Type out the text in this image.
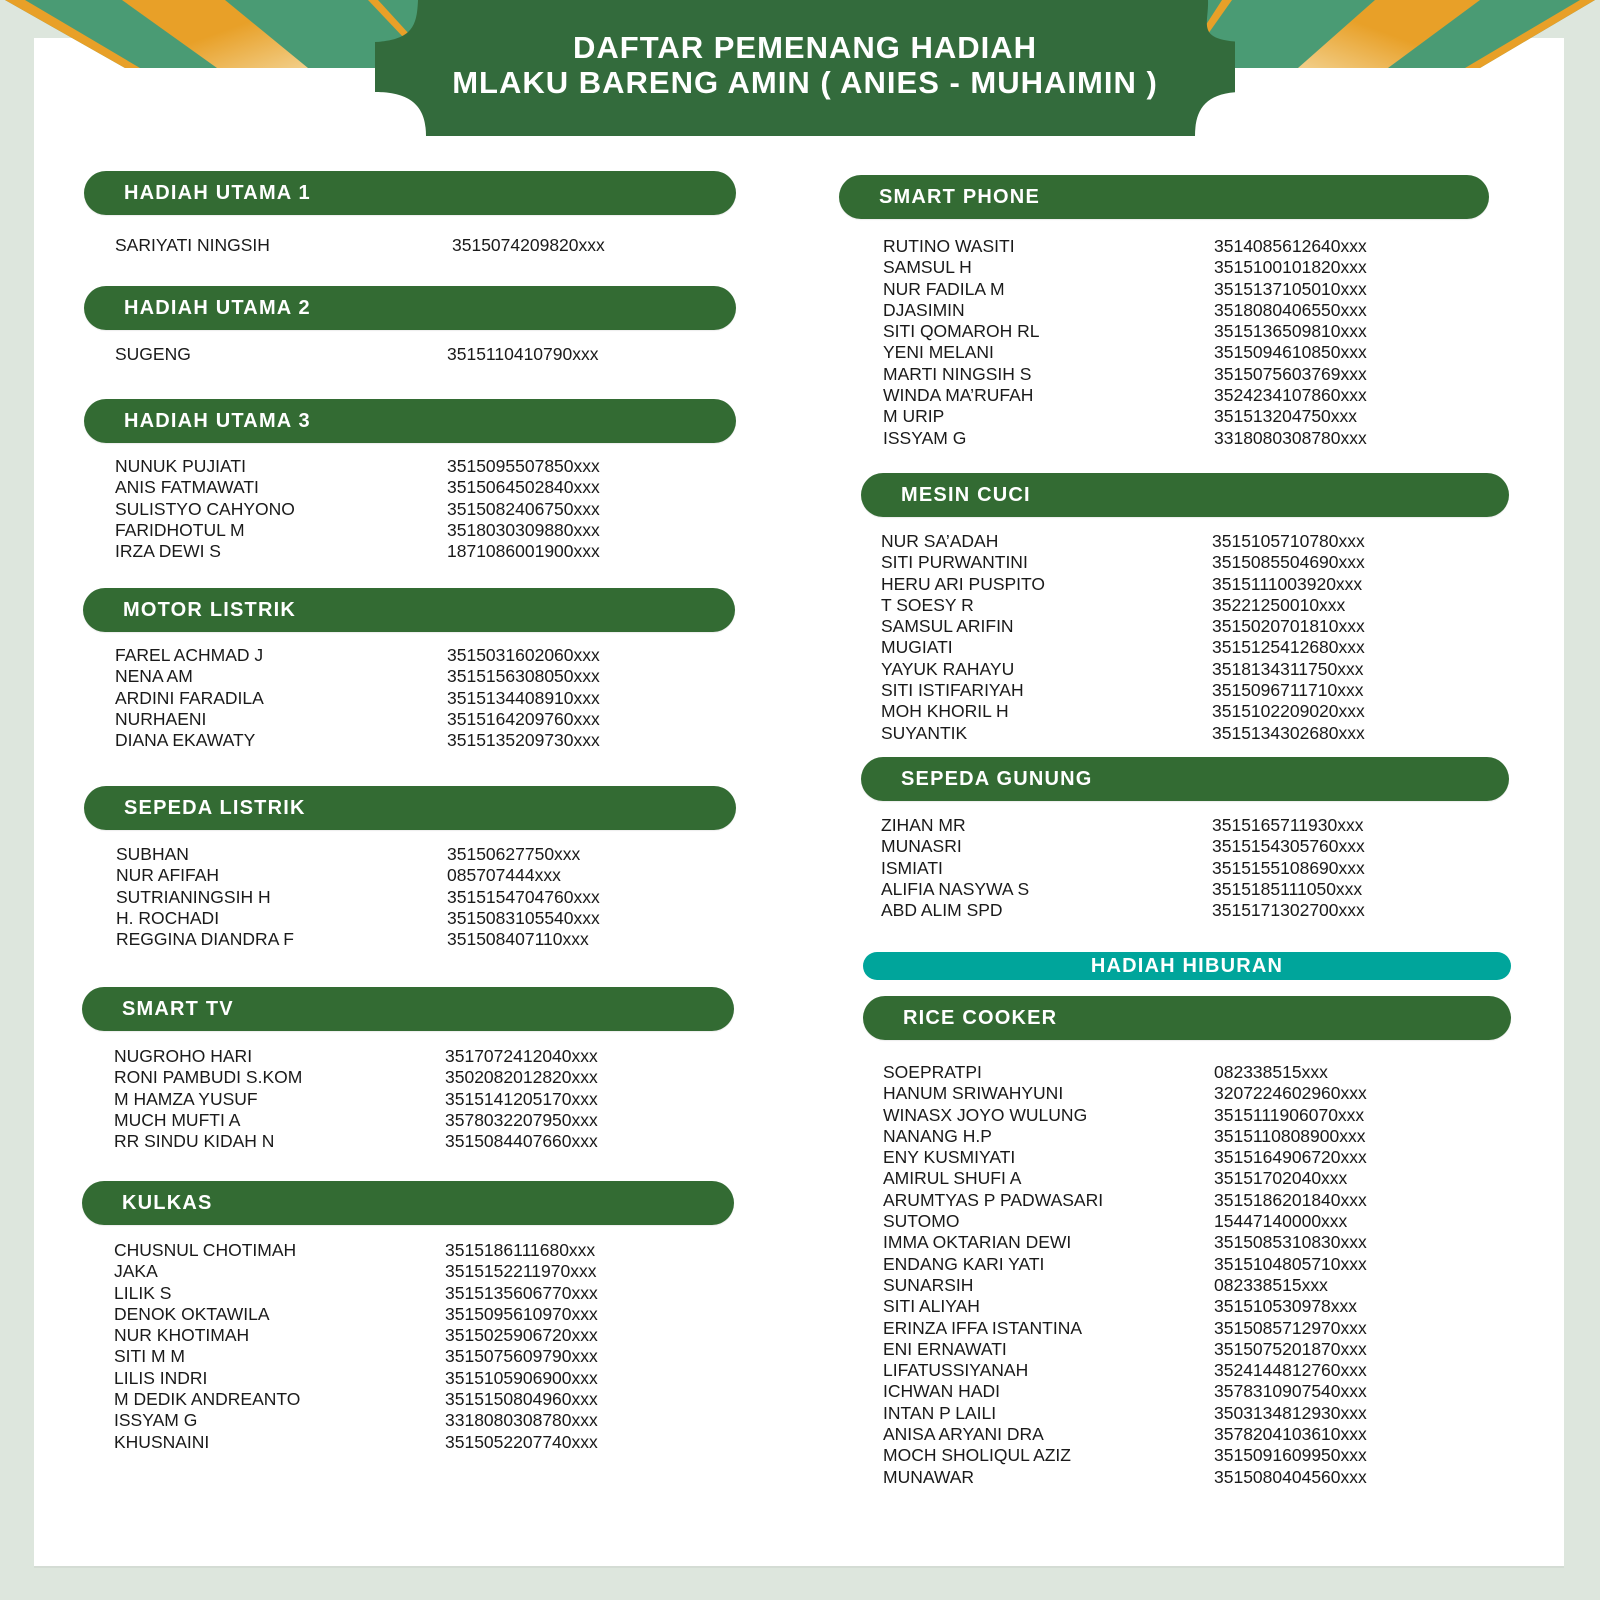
DAFTAR PEMENANG HADIAH
MLAKU BARENG AMIN ( ANIES - MUHAIMIN )
HADIAH UTAMA 1
SARIYATI NINGSIH	3515074209820xxx
HADIAH UTAMA 2
SUGENG	3515110410790xxx
HADIAH UTAMA 3
NUNUK PUJIATI	3515095507850xxx
ANIS FATMAWATI	3515064502840xxx
SULISTYO CAHYONO	3515082406750xxx
FARIDHOTUL M	3518030309880xxx
IRZA DEWI S	1871086001900xxx
MOTOR LISTRIK
FAREL ACHMAD J	3515031602060xxx
NENA AM	3515156308050xxx
ARDINI FARADILA	3515134408910xxx
NURHAENI	3515164209760xxx
DIANA EKAWATY	3515135209730xxx
SEPEDA LISTRIK
SUBHAN	35150627750xxx
NUR AFIFAH	085707444xxx
SUTRIANINGSIH H	3515154704760xxx
H. ROCHADI	3515083105540xxx
REGGINA DIANDRA F	351508407110xxx
SMART TV
NUGROHO HARI	3517072412040xxx
RONI PAMBUDI S.KOM	3502082012820xxx
M HAMZA YUSUF	3515141205170xxx
MUCH MUFTI A	3578032207950xxx
RR SINDU KIDAH N	3515084407660xxx
KULKAS
CHUSNUL CHOTIMAH	3515186111680xxx
JAKA	3515152211970xxx
LILIK S	3515135606770xxx
DENOK OKTAWILA	3515095610970xxx
NUR KHOTIMAH	3515025906720xxx
SITI M M	3515075609790xxx
LILIS INDRI	3515105906900xxx
M DEDIK ANDREANTO	3515150804960xxx
ISSYAM G	3318080308780xxx
KHUSNAINI	3515052207740xxx
SMART PHONE
RUTINO WASITI	3514085612640xxx
SAMSUL H	3515100101820xxx
NUR FADILA M	3515137105010xxx
DJASIMIN	3518080406550xxx
SITI QOMAROH RL	3515136509810xxx
YENI MELANI	3515094610850xxx
MARTI NINGSIH S	3515075603769xxx
WINDA MA’RUFAH	3524234107860xxx
M URIP	351513204750xxx
ISSYAM G	3318080308780xxx
MESIN CUCI
NUR SA’ADAH	3515105710780xxx
SITI PURWANTINI	3515085504690xxx
HERU ARI PUSPITO	3515111003920xxx
T SOESY R	35221250010xxx
SAMSUL ARIFIN	3515020701810xxx
MUGIATI	3515125412680xxx
YAYUK RAHAYU	3518134311750xxx
SITI ISTIFARIYAH	3515096711710xxx
MOH KHORIL H	3515102209020xxx
SUYANTIK	3515134302680xxx
SEPEDA GUNUNG
ZIHAN MR	3515165711930xxx
MUNASRI	3515154305760xxx
ISMIATI	3515155108690xxx
ALIFIA NASYWA S	3515185111050xxx
ABD ALIM SPD	3515171302700xxx
HADIAH HIBURAN
RICE COOKER
SOEPRATPI	082338515xxx
HANUM SRIWAHYUNI	3207224602960xxx
WINASX JOYO WULUNG	3515111906070xxx
NANANG H.P	3515110808900xxx
ENY KUSMIYATI	3515164906720xxx
AMIRUL SHUFI A	35151702040xxx
ARUMTYAS P PADWASARI	3515186201840xxx
SUTOMO	15447140000xxx
IMMA OKTARIAN DEWI	3515085310830xxx
ENDANG KARI YATI	3515104805710xxx
SUNARSIH	082338515xxx
SITI ALIYAH	351510530978xxx
ERINZA IFFA ISTANTINA	3515085712970xxx
ENI ERNAWATI	3515075201870xxx
LIFATUSSIYANAH	3524144812760xxx
ICHWAN HADI	3578310907540xxx
INTAN P LAILI	3503134812930xxx
ANISA ARYANI DRA	3578204103610xxx
MOCH SHOLIQUL AZIZ	3515091609950xxx
MUNAWAR	3515080404560xxx
